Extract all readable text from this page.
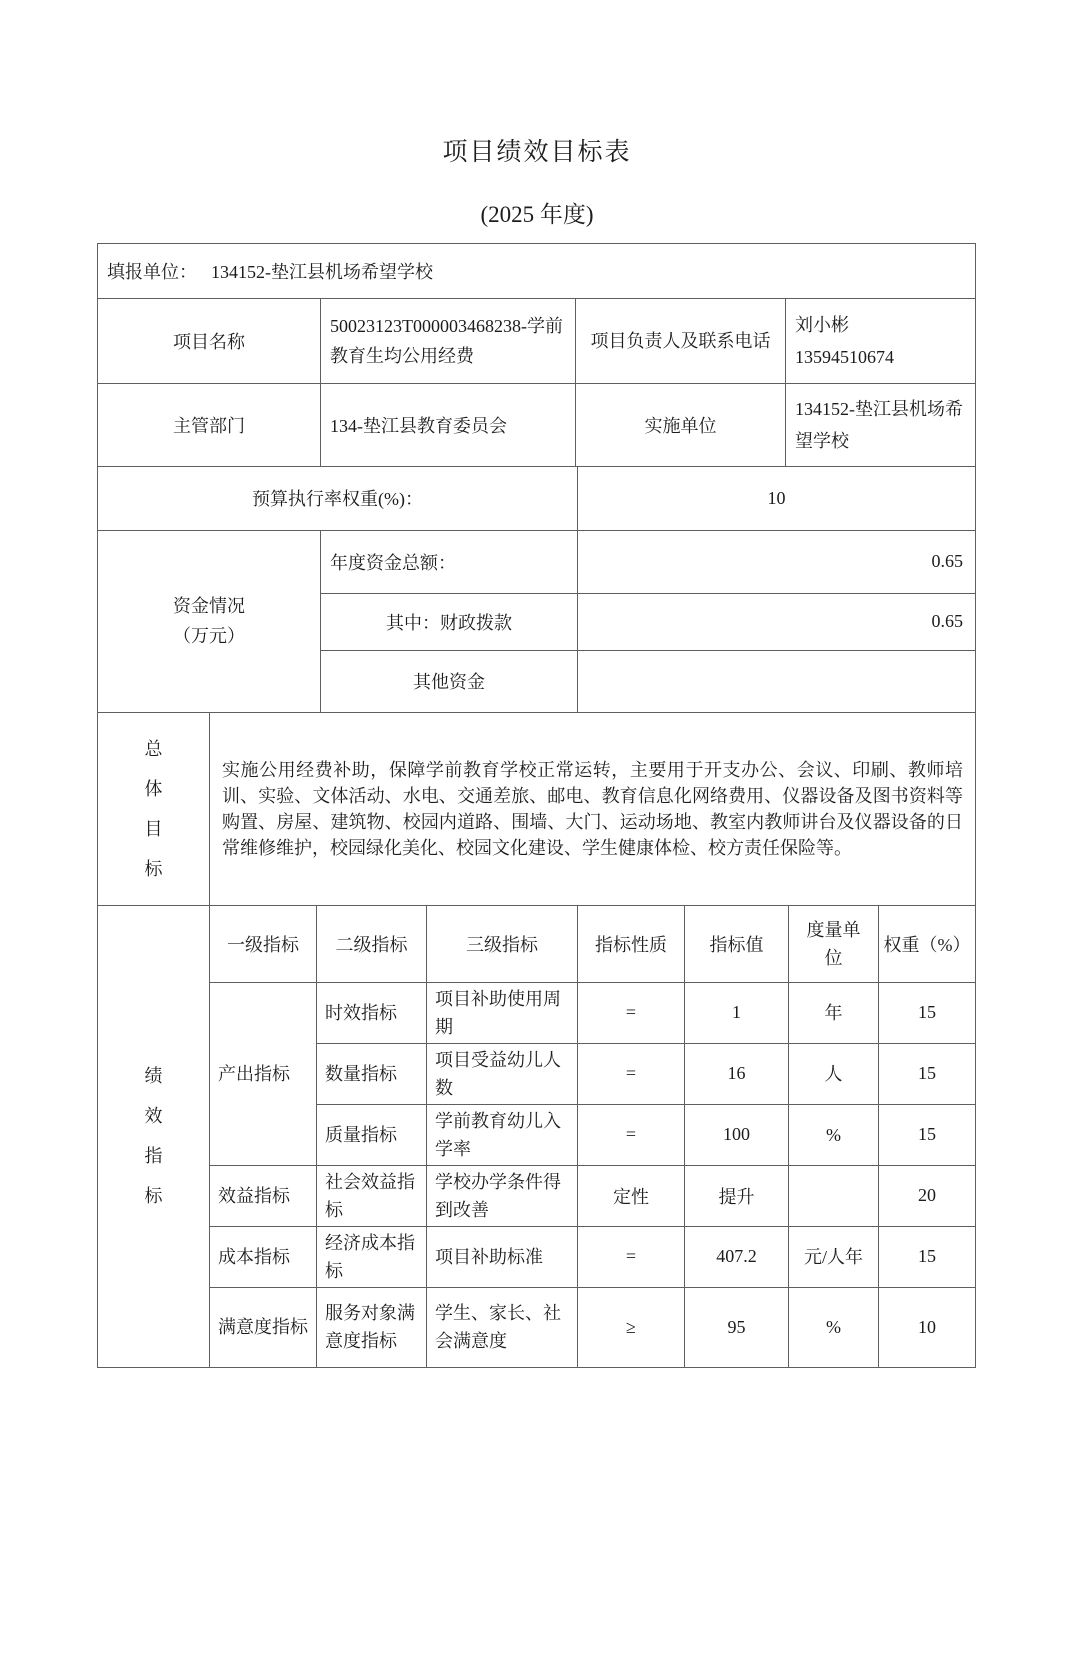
项目绩效目标表
(2025 年度)
填报单位： 134152-垫江县机场希望学校
项目名称	50023123T000003468238-学前教育生均公用经费	项目负责人及联系电话	刘小彬
13594510674

主管部门	134-垫江县教育委员会	实施单位	134152-垫江县机场希望学校
预算执行率权重(%)：	10
资金情况
（万元）	年度资金总额：	0.65
	其中：财政拨款	0.65
	其他资金	
总体目标
	实施公用经费补助，保障学前教育学校正常运转，主要用于开支办公、会议、印刷、教师培训、实验、文体活动、水电、交通差旅、邮电、教育信息化网络费用、仪器设备及图书资料等购置、房屋、建筑物、校园内道路、围墙、大门、运动场地、教室内教师讲台及仪器设备的日常维修维护，校园绿化美化、校园文化建设、学生健康体检、校方责任保险等。
绩效指标	一级指标	二级指标	三级指标	指标性质	指标值	度量单位	权重（%）
	产出指标	时效指标	项目补助使用周期	=	1	年	15
		数量指标	项目受益幼儿人数	=	16	人	15
		质量指标	学前教育幼儿入学率	=	100	%	15
	效益指标	社会效益指标	学校办学条件得到改善	定性	提升		20
	成本指标	经济成本指标	项目补助标准	=	407.2	元/人年	15
	满意度指标	服务对象满意度指标	学生、家长、社会满意度	≥	95	%	10
